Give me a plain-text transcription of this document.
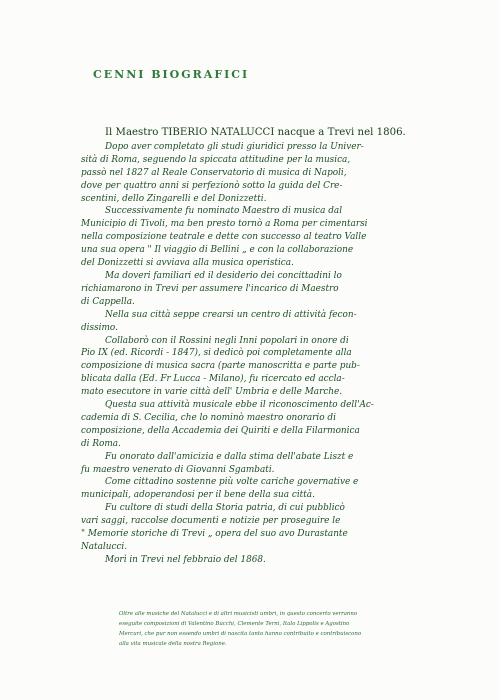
CENNI BIOGRAFICI
Il Maestro TIBERIO NATALUCCI nacque a Trevi nel 1806.
Dopo aver completato gli studi giuridici presso la Univer-
sità di Roma, seguendo la spiccata attitudine per la musica,
passò nel 1827 al Reale Conservatorio di musica di Napoli,
dove per quattro anni si perfezionò sotto la guida del Cre-
scentini, dello Zingarelli e del Donizzetti.
Successivamente fu nominato Maestro di musica dal
Municipio di Tivoli, ma ben presto tornò a Roma per cimentarsi
nella composizione teatrale e dette con successo al teatro Valle
una sua opera " Il viaggio di Bellini „ e con la collaborazione
del Donizzetti si avviava alla musica operistica.
Ma doveri familiari ed il desiderio dei concittadini lo
richiamarono in Trevi per assumere l'incarico di Maestro
di Cappella.
Nella sua città seppe crearsi un centro di attività fecon-
dissimo.
Collaborò con il Rossini negli Inni popolari in onore di
Pio IX (ed. Ricordi - 1847), si dedicò poi completamente alla
composizione di musica sacra (parte manoscritta e parte pub-
blicata dalla (Ed. Fr Lucca - Milano), fu ricercato ed accla-
mato esecutore in varie città dell' Umbria e delle Marche.
Questa sua attività musicale ebbe il riconoscimento dell'Ac-
cademia di S. Cecilia, che lo nominò maestro onorario di
composizione, della Accademia dei Quiriti e della Filarmonica
di Roma.
Fu onorato dall'amicizia e dalla stima dell'abate Liszt e
fu maestro venerato di Giovanni Sgambati.
Come cittadino sostenne più volte cariche governative e
municipali, adoperandosi per il bene della sua città.
Fu cultore di studi della Storia patria, di cui pubblicò
vari saggi, raccolse documenti e notizie per proseguire le
" Memorie storiche di Trevi „ opera del suo avo Durastante
Natalucci.
Morì in Trevi nel febbraio del 1868.
Oltre alle musiche del Natalucci e di altri musicisti umbri, in questo concerto verranno
eseguite composizioni di Valentino Bucchi, Clemente Terni, Italo Lippolis e Agostino
Mercuri, che pur non essendo umbri di nascita tanto hanno contribuito e contribuiscono
alla vita musicale della nostra Regione.
